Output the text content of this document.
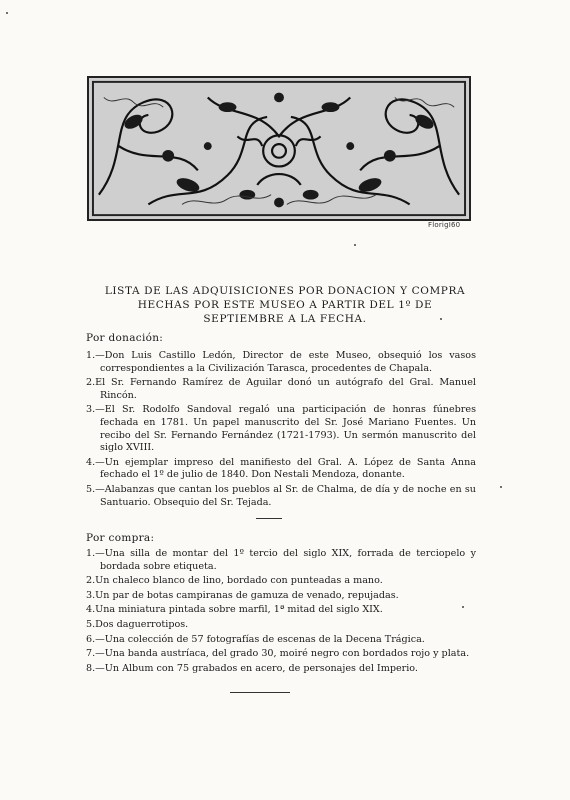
FlorigI60
LISTA DE LAS ADQUISICIONES POR DONACION Y COMPRA
HECHAS POR ESTE MUSEO A PARTIR DEL 1º DE
SEPTIEMBRE A LA FECHA.
Por donación:
1.—Don Luis Castillo Ledón, Director de este Museo, obsequió los vasos correspondientes a la Civilización Tarasca, procedentes de Chapala.
2.El Sr. Fernando Ramírez de Aguilar donó un autógrafo del Gral. Manuel Rincón.
3.—El Sr. Rodolfo Sandoval regaló una participación de honras fúnebres fechada en 1781. Un papel manuscrito del Sr. José Mariano Fuentes. Un recibo del Sr. Fernando Fernández (1721-1793). Un sermón manuscrito del siglo XVIII.
4.—Un ejemplar impreso del manifiesto del Gral. A. López de Santa Anna fechado el 1º de julio de 1840. Don Nestali Mendoza, donante.
5.—Alabanzas que cantan los pueblos al Sr. de Chalma, de día y de noche en su Santuario. Obsequio del Sr. Tejada.
Por compra:
1.—Una silla de montar del 1º tercio del siglo XIX, forrada de terciopelo y bordada sobre etiqueta.
2.Un chaleco blanco de lino, bordado con punteadas a mano.
3.Un par de botas campiranas de gamuza de venado, repujadas.
4.Una miniatura pintada sobre marfil, 1ª mitad del siglo XIX.
5.Dos daguerrotipos.
6.—Una colección de 57 fotografías de escenas de la Decena Trágica.
7.—Una banda austríaca, del grado 30, moiré negro con bordados rojo y plata.
8.—Un Album con 75 grabados en acero, de personajes del Imperio.
